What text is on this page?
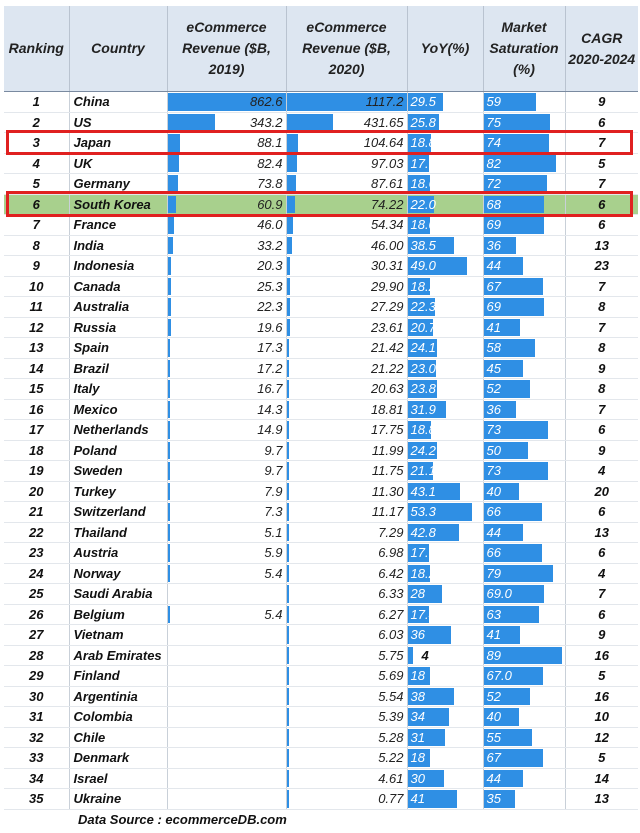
Ranking	Country	eCommerce Revenue ($B, 2019)	eCommerce Revenue ($B, 2020)	YoY(%)	Market Saturation (%)	CAGR 2020-2024
1	China	862.6	1117.2	29.5	59	9
2	US	343.2	431.65	25.8	75	6
3	Japan	88.1	104.64	18.8	74	7
4	UK	82.4	97.03	17.8	82	5
5	Germany	73.8	87.61	18.6	72	7
6	South Korea	60.9	74.22	22.0	68	6
7	France	46.0	54.34	18.0	69	6
8	India	33.2	46.00	38.5	36	13
9	Indonesia	20.3	30.31	49.0	44	23
10	Canada	25.3	29.90	18.2	67	7
11	Australia	22.3	27.29	22.3	69	8
12	Russia	19.6	23.61	20.7	41	7
13	Spain	17.3	21.42	24.1	58	8
14	Brazil	17.2	21.22	23.0	45	9
15	Italy	16.7	20.63	23.8	52	8
16	Mexico	14.3	18.81	31.9	36	7
17	Netherlands	14.9	17.75	18.8	73	6
18	Poland	9.7	11.99	24.2	50	9
19	Sweden	9.7	11.75	21.1	73	4
20	Turkey	7.9	11.30	43.1	40	20
21	Switzerland	7.3	11.17	53.3	66	6
22	Thailand	5.1	7.29	42.8	44	13
23	Austria	5.9	6.98	17.5	66	6
24	Norway	5.4	6.42	18.2	79	4
25	Saudi Arabia		6.33	28	69.0	7
26	Belgium	5.4	6.27	17.4	63	6
27	Vietnam		6.03	36	41	9
28	Arab Emirates		5.75	4	89	16
29	Finland		5.69	18	67.0	5
30	Argentinia		5.54	38	52	16
31	Colombia		5.39	34	40	10
32	Chile		5.28	31	55	12
33	Denmark		5.22	18	67	5
34	Israel		4.61	30	44	14
35	Ukraine		0.77	41	35	13
Data Source : ecommerceDB.com
